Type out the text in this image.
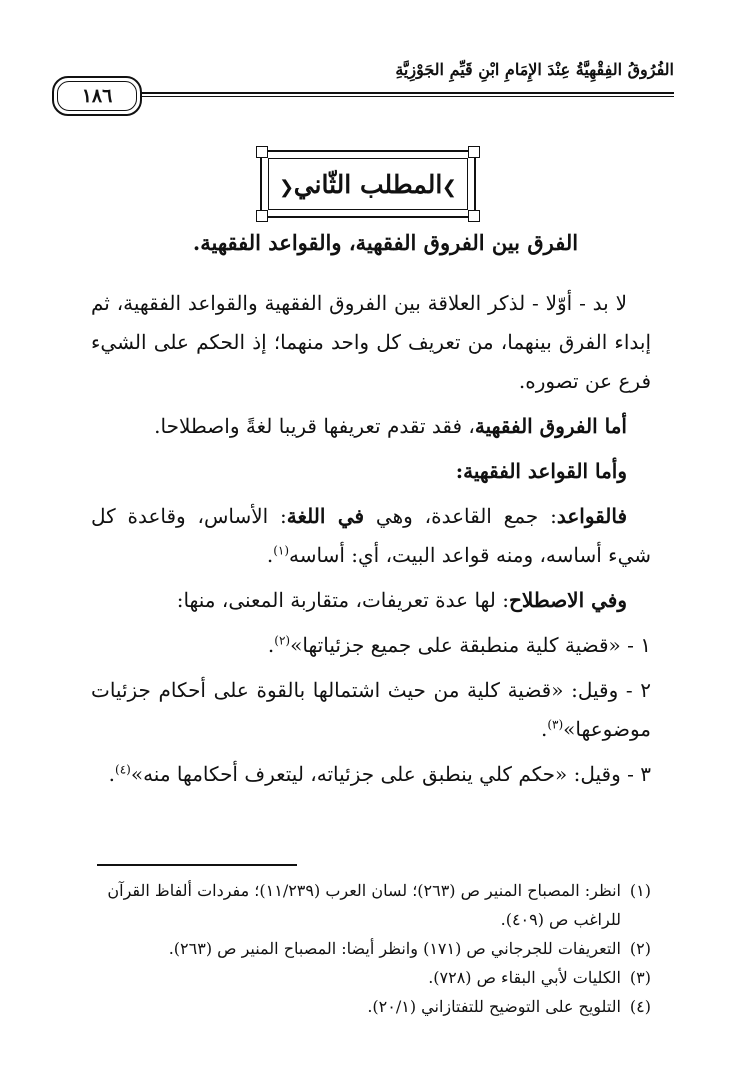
الفُرُوقُ الفِقْهِيَّةُ عِنْدَ الإِمَامِ ابْنِ قَيِّمِ الجَوْزِيَّةِ
١٨٦
❯
المطلب الثّاني
❮
الفرق بين الفروق الفقهية، والقواعد الفقهية.

لا بد - أوّلا - لذكر العلاقة بين الفروق الفقهية والقواعد الفقهية، ثم إبداء الفرق بينهما، من تعريف كل واحد منهما؛ إذ الحكم على الشيء فرع عن تصوره.

أما الفروق الفقهية، فقد تقدم تعريفها قريبا لغةً واصطلاحا.

وأما القواعد الفقهية:

فالقواعد: جمع القاعدة، وهي في اللغة: الأساس، وقاعدة كل شيء أساسه، ومنه قواعد البيت، أي: أساسه$^{(١)}$.

وفي الاصطلاح: لها عدة تعريفات، متقاربة المعنى، منها:

١ - «قضية كلية منطبقة على جميع جزئياتها»$^{(٢)}$.

٢ - وقيل: «قضية كلية من حيث اشتمالها بالقوة على أحكام جزئيات موضوعها»$^{(٣)}$.

٣ - وقيل: «حكم كلي ينطبق على جزئياته، ليتعرف أحكامها منه»$^{(٤)}$.

(١)
انظر: المصباح المنير ص (٢٦٣)؛ لسان العرب (١١/٢٣٩)؛ مفردات ألفاظ القرآن للراغب ص (٤٠٩).
(٢)
التعريفات للجرجاني ص (١٧١) وانظر أيضا: المصباح المنير ص (٢٦٣).
(٣)
الكليات لأبي البقاء ص (٧٢٨).
(٤)
التلويح على التوضيح للتفتازاني (٢٠/١).
